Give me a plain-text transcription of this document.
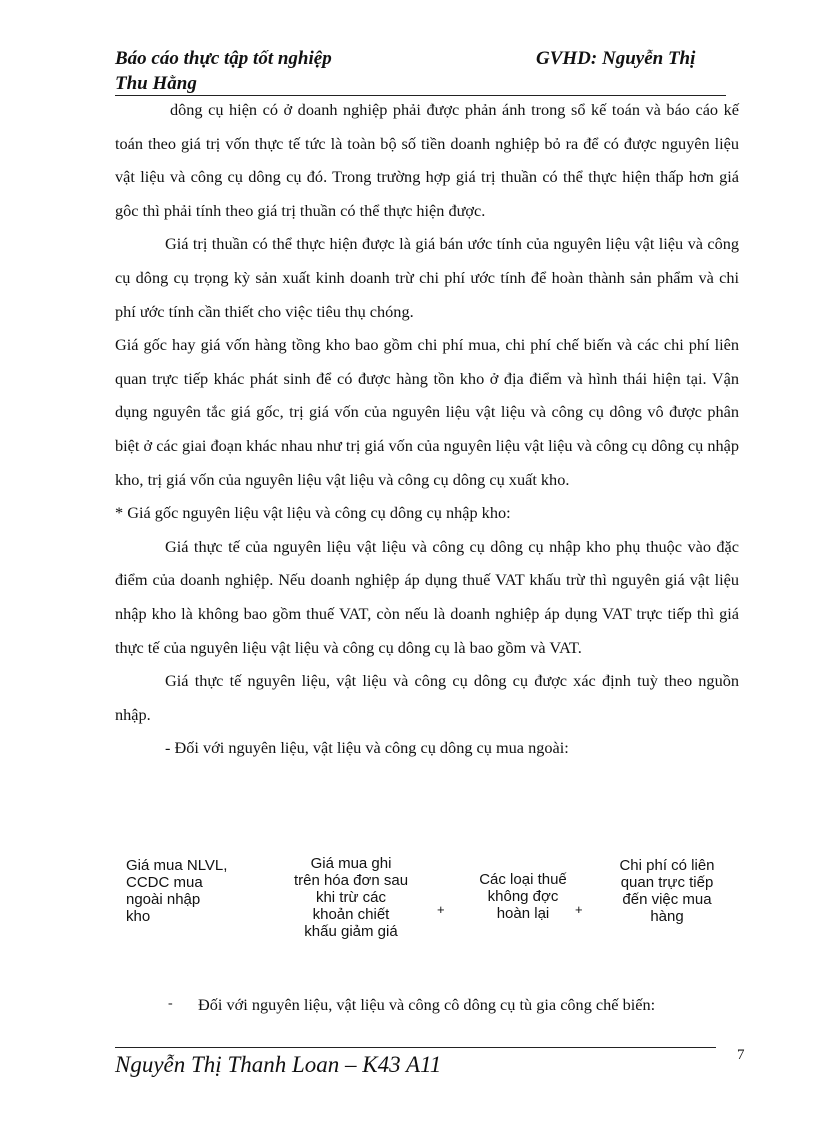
Báo cáo thực tập tốt nghiệp	GVHD: Nguyễn Thị
Thu Hằng

dông cụ hiện có ở doanh nghiệp phải được phản ánh trong sổ kế toán và báo cáo kế toán theo giá trị vốn thực tế tức là toàn bộ số tiền doanh nghiệp bỏ ra để có được nguyên liệu vật liệu và công cụ dông cụ đó. Trong trường hợp giá trị thuần có thể thực hiện thấp hơn giá gôc thì phải tính theo giá trị thuần có thể thực hiện được.

Giá trị thuần có thể thực hiện được là giá bán ước tính của nguyên liệu vật liệu và công cụ dông cụ trọng kỳ sản xuất kinh doanh trừ chi phí ước tính để hoàn thành sản phẩm và chi phí ước tính cần thiết cho việc tiêu thụ chóng.

Giá gốc hay giá vốn hàng tồng kho bao gồm chi phí mua, chi phí chế biến và các chi phí liên quan trực tiếp khác phát sinh để có được hàng tồn kho ở địa điểm và hình thái hiện tại. Vận dụng nguyên tắc giá gốc, trị giá vốn của nguyên liệu vật liệu và công cụ dông vô được phân biệt ở các giai đoạn khác nhau như trị giá vốn của nguyên liệu vật liệu và công cụ dông cụ nhập kho, trị giá vốn của nguyên liệu vật liệu và công cụ dông cụ xuất kho.

* Giá gốc nguyên liệu vật liệu và công cụ dông cụ nhập kho:

Giá thực tế của nguyên liệu vật liệu và công cụ dông cụ nhập kho phụ thuộc vào đặc điểm của doanh nghiệp. Nếu doanh nghiệp áp dụng thuế VAT khấu trừ thì nguyên giá vật liệu nhập kho là không bao gồm thuế VAT, còn nếu là doanh nghiệp áp dụng VAT trực tiếp thì giá thực tế của nguyên liệu vật liệu và công cụ dông cụ là bao gồm và VAT.

Giá thực tế nguyên liệu, vật liệu và công cụ dông cụ được xác định tuỳ theo nguồn nhập.

- Đối với nguyên liệu, vật liệu và công cụ dông cụ mua ngoài:

Giá mua NLVL,
CCDC mua
ngoài nhập
kho
Giá mua ghi
trên hóa đơn sau
khi trừ các
khoản chiết
khấu giảm giá
+
Các loại thuế
không đợc
hoàn lại	+
Chi phí có liên
quan trực tiếp
đến việc mua
hàng
- Đối với nguyên liệu, vật liệu và công cô dông cụ tù gia công chế biến:
Nguyễn Thị Thanh Loan – K43 A11	7
